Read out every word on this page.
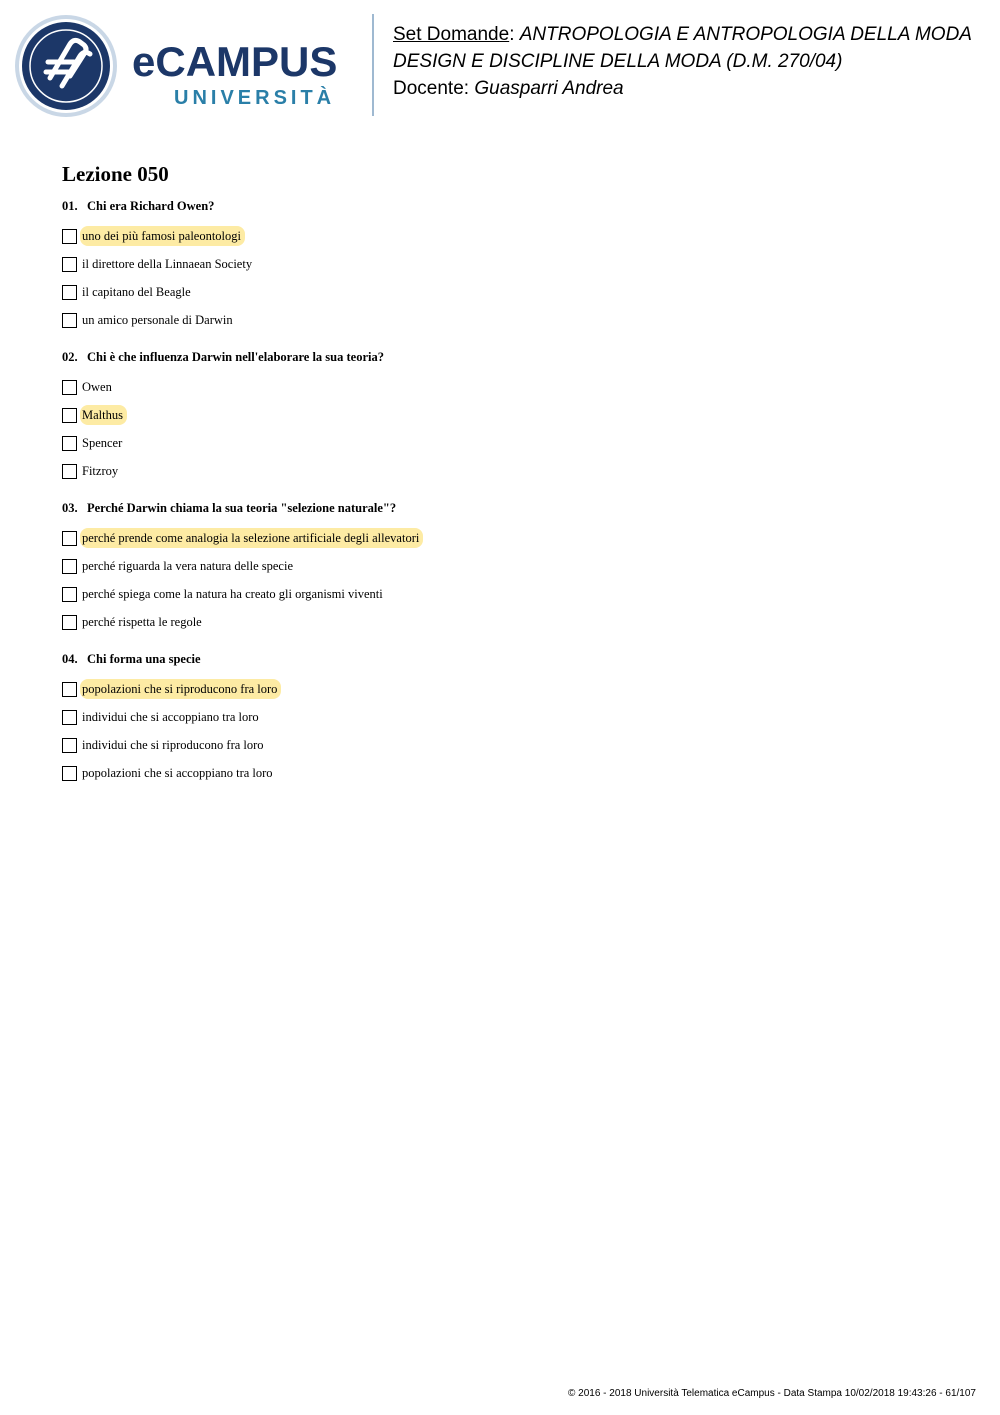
eCAMPUS
UNIVERSITÀ
Set Domande: ANTROPOLOGIA E ANTROPOLOGIA DELLA MODA
DESIGN E DISCIPLINE DELLA MODA (D.M. 270/04)
Docente: Guasparri Andrea
Lezione 050
01. Chi era Richard Owen?
uno dei più famosi paleontologi
il direttore della Linnaean Society
il capitano del Beagle
un amico personale di Darwin
02. Chi è che influenza Darwin nell'elaborare la sua teoria?
Owen
Malthus
Spencer
Fitzroy
03. Perché Darwin chiama la sua teoria "selezione naturale"?
perché prende come analogia la selezione artificiale degli allevatori
perché riguarda la vera natura delle specie
perché spiega come la natura ha creato gli organismi viventi
perché rispetta le regole
04. Chi forma una specie
popolazioni che si riproducono fra loro
individui che si accoppiano tra loro
individui che si riproducono fra loro
popolazioni che si accoppiano tra loro
© 2016 - 2018 Università Telematica eCampus - Data Stampa 10/02/2018 19:43:26 - 61/107
